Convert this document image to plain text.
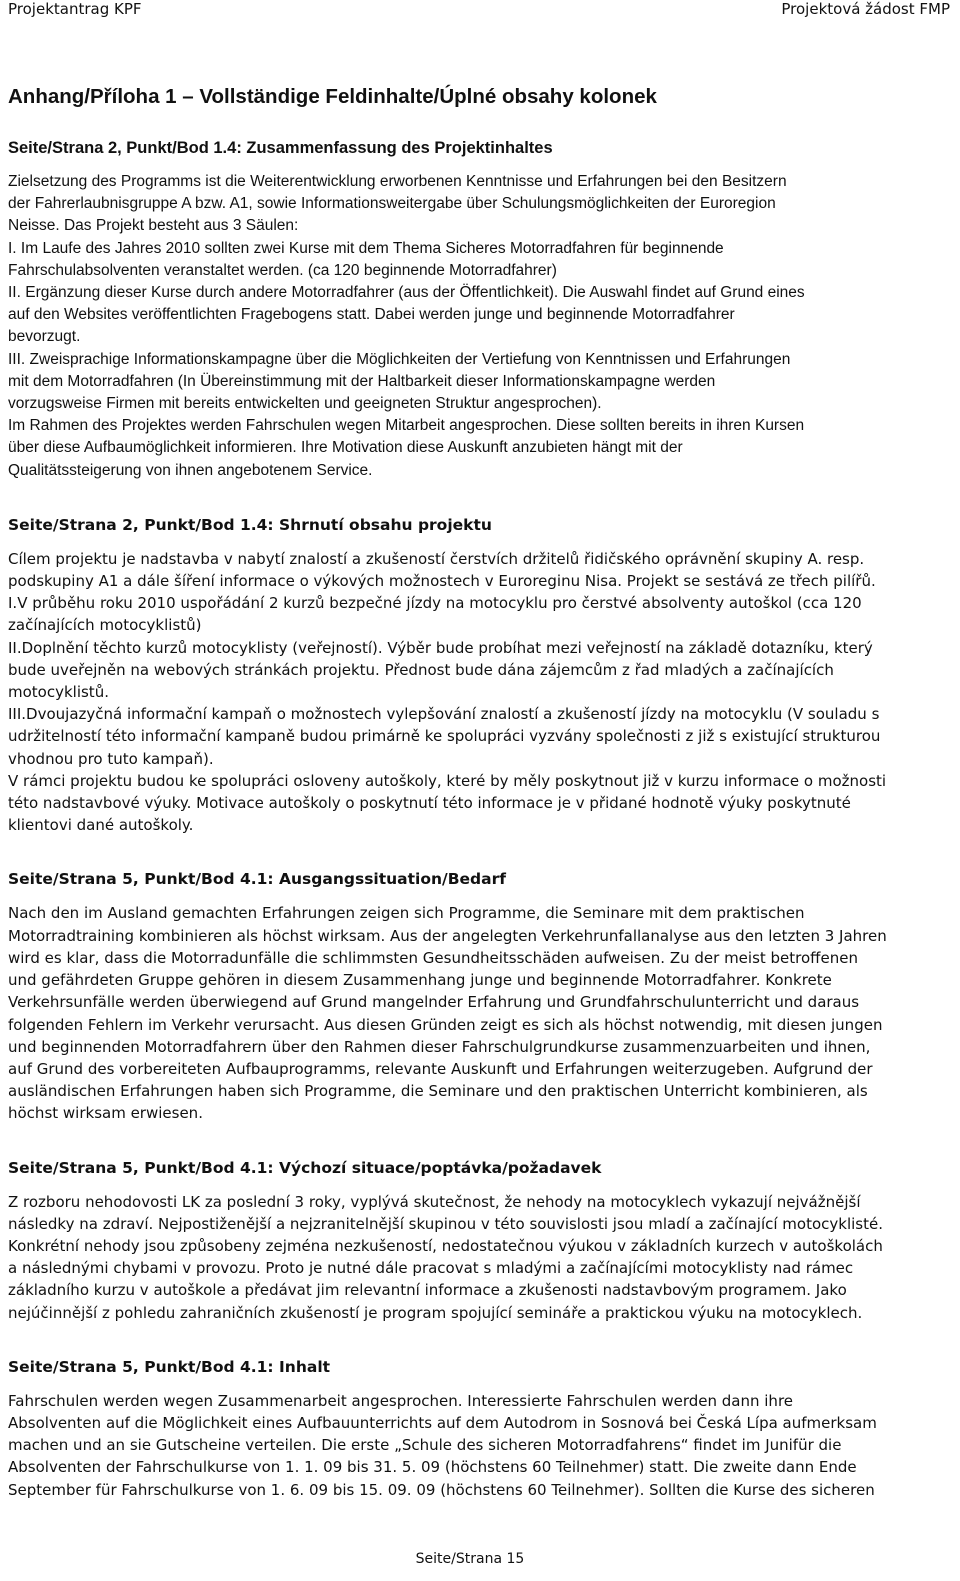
Projektantrag KPF	Projektová žádost FMP
Anhang/Příloha 1 – Vollständige Feldinhalte/Úplné obsahy kolonek
Seite/Strana 2, Punkt/Bod 1.4: Zusammenfassung des Projektinhaltes

Zielsetzung des Programms ist die Weiterentwicklung erworbenen Kenntnisse und Erfahrungen bei den Besitzern
der Fahrerlaubnisgruppe A bzw. A1, sowie Informationsweitergabe über Schulungsmöglichkeiten der Euroregion
Neisse. Das Projekt besteht aus 3 Säulen:
I. Im Laufe des Jahres 2010 sollten zwei Kurse mit dem Thema Sicheres Motorradfahren für beginnende
Fahrschulabsolventen veranstaltet werden. (ca 120 beginnende Motorradfahrer)
II. Ergänzung dieser Kurse durch andere Motorradfahrer (aus der Öffentlichkeit). Die Auswahl findet auf Grund eines
auf den Websites veröffentlichten Fragebogens statt. Dabei werden junge und beginnende Motorradfahrer
bevorzugt.
III. Zweisprachige Informationskampagne über die Möglichkeiten der Vertiefung von Kenntnissen und Erfahrungen
mit dem Motorradfahren (In Übereinstimmung mit der Haltbarkeit dieser Informationskampagne werden
vorzugsweise Firmen mit bereits entwickelten und geeigneten Struktur angesprochen).
Im Rahmen des Projektes werden Fahrschulen wegen Mitarbeit angesprochen. Diese sollten bereits in ihren Kursen
über diese Aufbaumöglichkeit informieren. Ihre Motivation diese Auskunft anzubieten hängt mit der
Qualitätssteigerung von ihnen angebotenem Service.

Seite/Strana 2, Punkt/Bod 1.4: Shrnutí obsahu projektu

Cílem projektu je nadstavba v nabytí znalostí a zkušeností čerstvích držitelů řidičského oprávnění skupiny A. resp.
podskupiny A1 a dále šíření informace o výkových možnostech v Euroreginu Nisa. Projekt se sestává ze třech pilířů.
I.V průběhu roku 2010 uspořádání 2 kurzů bezpečné jízdy na motocyklu pro čerstvé absolventy autoškol (cca 120
začínajících motocyklistů)
II.Doplnění těchto kurzů motocyklisty (veřejností). Výběr bude probíhat mezi veřejností na základě dotazníku, který
bude uveřejněn na webových stránkách projektu. Přednost bude dána zájemcům z řad mladých a začínajících
motocyklistů.
III.Dvoujazyčná informační kampaň o možnostech vylepšování znalostí a zkušeností jízdy na motocyklu (V souladu s
udržitelností této informační kampaně budou primárně ke spolupráci vyzvány společnosti z již s existující strukturou
vhodnou pro tuto kampaň).
V rámci projektu budou ke spolupráci osloveny autoškoly, které by měly poskytnout již v kurzu informace o možnosti
této nadstavbové výuky. Motivace autoškoly o poskytnutí této informace je v přidané hodnotě výuky poskytnuté
klientovi dané autoškoly.

Seite/Strana 5, Punkt/Bod 4.1: Ausgangssituation/Bedarf

Nach den im Ausland gemachten Erfahrungen zeigen sich Programme, die Seminare mit dem praktischen
Motorradtraining kombinieren als höchst wirksam. Aus der angelegten Verkehrunfallanalyse aus den letzten 3 Jahren
wird es klar, dass die Motorradunfälle die schlimmsten Gesundheitsschäden aufweisen. Zu der meist betroffenen
und gefährdeten Gruppe gehören in diesem Zusammenhang junge und beginnende Motorradfahrer. Konkrete
Verkehrsunfälle werden überwiegend auf Grund mangelnder Erfahrung und Grundfahrschulunterricht und daraus
folgenden Fehlern im Verkehr verursacht. Aus diesen Gründen zeigt es sich als höchst notwendig, mit diesen jungen
und beginnenden Motorradfahrern über den Rahmen dieser Fahrschulgrundkurse zusammenzuarbeiten und ihnen,
auf Grund des vorbereiteten Aufbauprogramms, relevante Auskunft und Erfahrungen weiterzugeben. Aufgrund der
ausländischen Erfahrungen haben sich Programme, die Seminare und den praktischen Unterricht kombinieren, als
höchst wirksam erwiesen.

Seite/Strana 5, Punkt/Bod 4.1: Výchozí situace/poptávka/požadavek

Z rozboru nehodovosti LK za poslední 3 roky, vyplývá skutečnost, že nehody na motocyklech vykazují nejvážnější
následky na zdraví. Nejpostiženější a nejzranitelnější skupinou v této souvislosti jsou mladí a začínající motocyklisté.
Konkrétní nehody jsou způsobeny zejména nezkušeností, nedostatečnou výukou v základních kurzech v autoškolách
a následnými chybami v provozu. Proto je nutné dále pracovat s mladými a začínajícími motocyklisty nad rámec
základního kurzu v autoškole a předávat jim relevantní informace a zkušenosti nadstavbovým programem. Jako
nejúčinnější z pohledu zahraničních zkušeností je program spojující semináře a praktickou výuku na motocyklech.

Seite/Strana 5, Punkt/Bod 4.1: Inhalt

Fahrschulen werden wegen Zusammenarbeit angesprochen. Interessierte Fahrschulen werden dann ihre
Absolventen auf die Möglichkeit eines Aufbauunterrichts auf dem Autodrom in Sosnová bei Česká Lípa aufmerksam
machen und an sie Gutscheine verteilen. Die erste „Schule des sicheren Motorradfahrens“ findet im Junifür die
Absolventen der Fahrschulkurse von 1. 1. 09 bis 31. 5. 09 (höchstens 60 Teilnehmer) statt. Die zweite dann Ende
September für Fahrschulkurse von 1. 6. 09 bis 15. 09. 09 (höchstens 60 Teilnehmer). Sollten die Kurse des sicheren

Seite/Strana 15
